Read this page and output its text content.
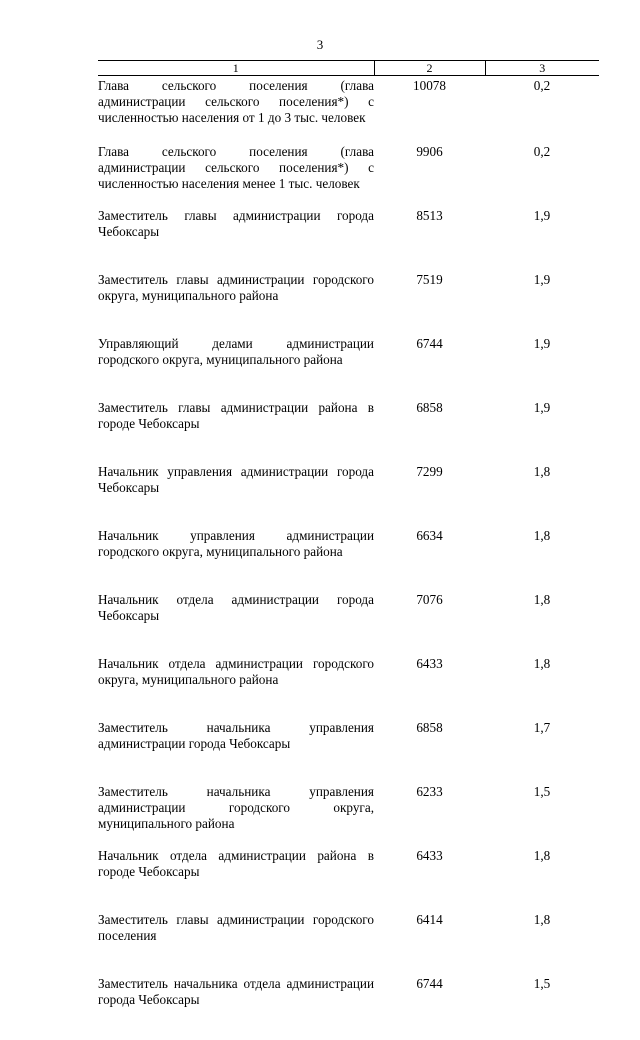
3
1	2	3
Глава сельского поселения (глава администрации сельского поселения*) с численностью населения от 1 до 3 тыс. человек	10078	0,2
Глава сельского поселения (глава администрации сельского поселения*) с численностью населения менее 1 тыс. человек	9906	0,2
Заместитель главы администрации города Чебоксары	8513	1,9
Заместитель главы администрации городского округа, муниципального района	7519	1,9
Управляющий делами администрации городского округа, муниципального района	6744	1,9
Заместитель главы администрации района в городе Чебоксары	6858	1,9
Начальник управления администрации города Чебоксары	7299	1,8
Начальник управления администрации городского округа, муниципального района	6634	1,8
Начальник отдела администрации города Чебоксары	7076	1,8
Начальник отдела администрации городского округа, муниципального района	6433	1,8
Заместитель начальника управления администрации города Чебоксары	6858	1,7
Заместитель начальника управления администрации городского округа, муниципального района	6233	1,5
Начальник отдела администрации района в городе Чебоксары	6433	1,8
Заместитель главы администрации городского поселения	6414	1,8
Заместитель начальника отдела администрации города Чебоксары	6744	1,5
